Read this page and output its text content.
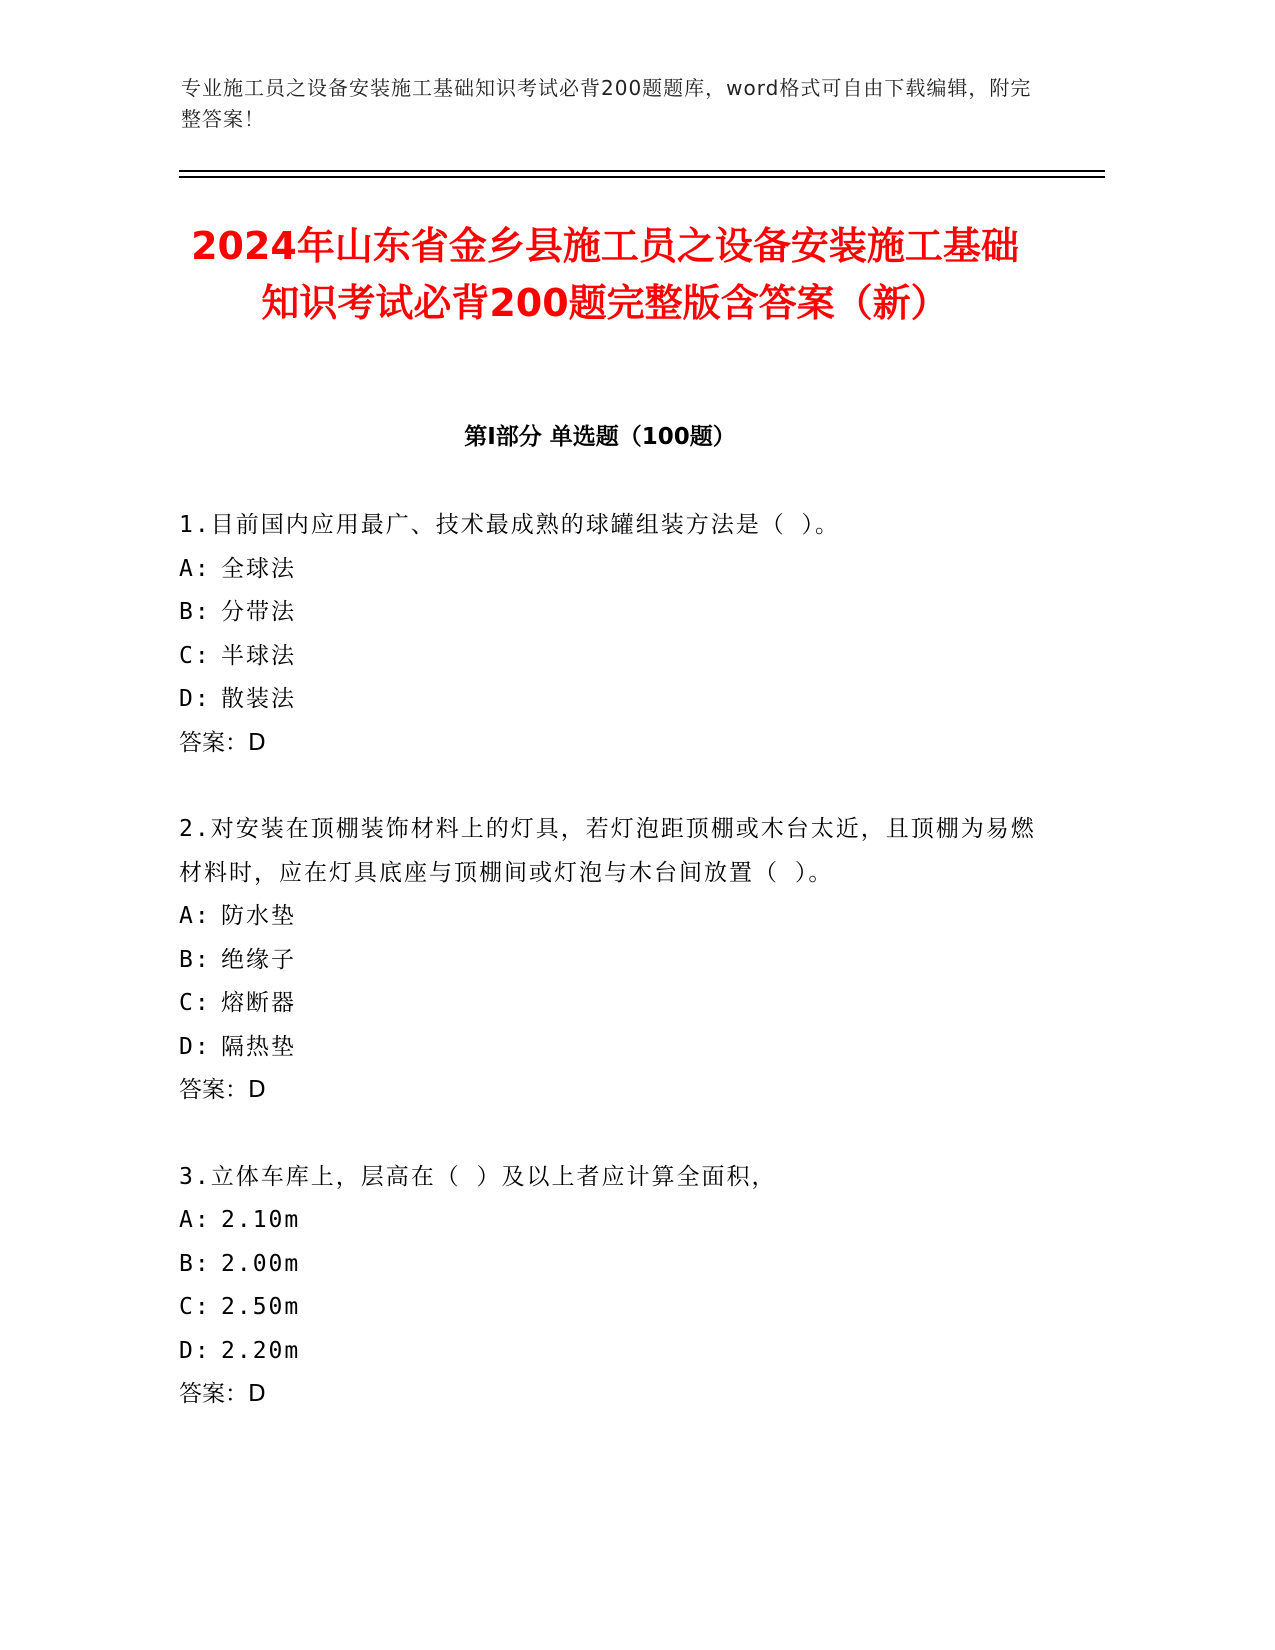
专业施工员之设备安装施工基础知识考试必背200题题库，word格式可自由下载编辑，附完整答案！
2024年山东省金乡县施工员之设备安装施工基础知识考试必背200题完整版含答案（新）
第Ⅰ部分 单选题（100题）

1.目前国内应用最广、技术最成熟的球罐组装方法是（ ）。

A: 全球法

B: 分带法

C: 半球法

D: 散装法

答案：D

2.对安装在顶棚装饰材料上的灯具，若灯泡距顶棚或木台太近，且顶棚为易燃材料时，应在灯具底座与顶棚间或灯泡与木台间放置（ ）。

A: 防水垫

B: 绝缘子

C: 熔断器

D: 隔热垫

答案：D

3.立体车库上，层高在（ ）及以上者应计算全面积，

A: 2.10m

B: 2.00m

C: 2.50m

D: 2.20m

答案：D
